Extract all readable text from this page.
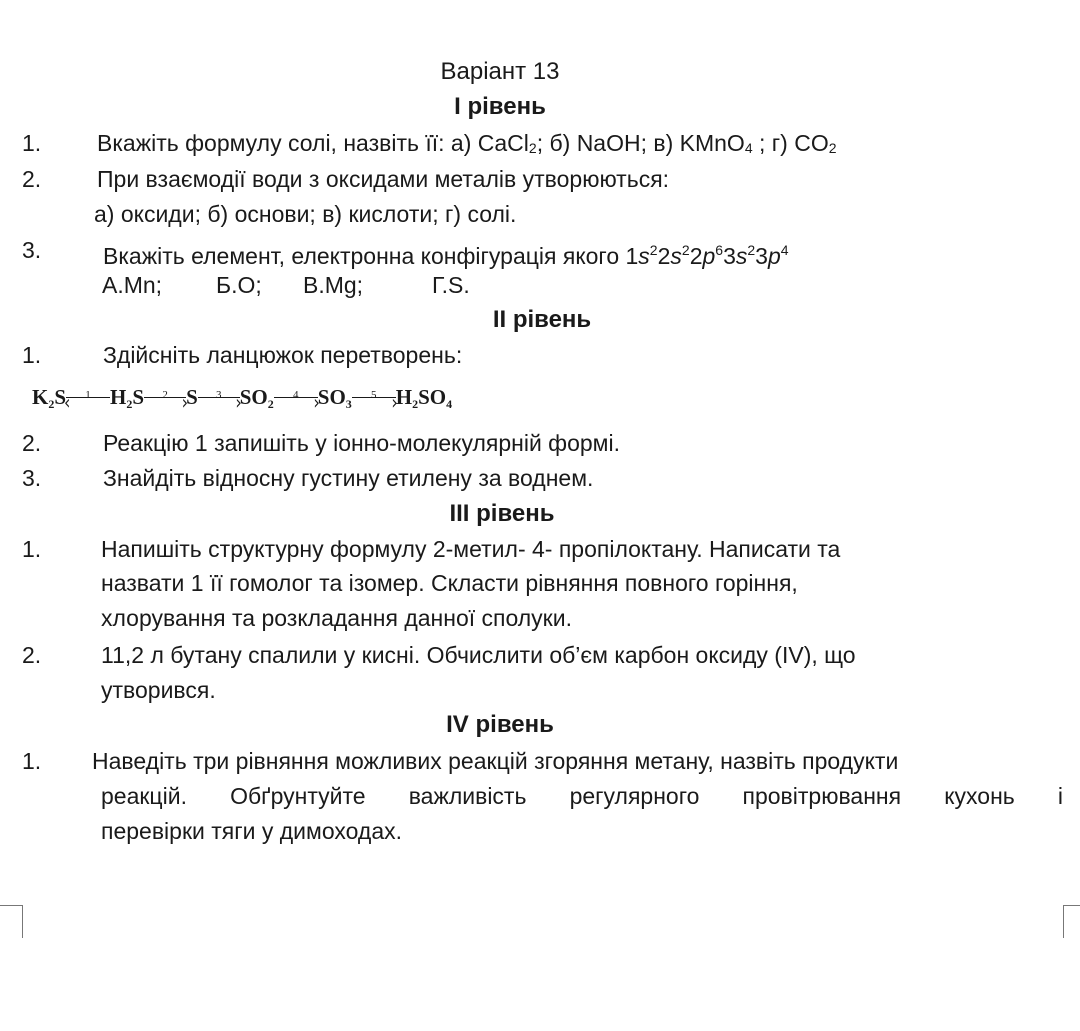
Варіант 13
І рівень
1. Вкажіть формулу солі, назвіть її: а) CaCl$_2$; б) NaOH; в) KMnO$_4$ ; г) $CO_2$
2. При взаємодії води з оксидами металів утворюються:
а) оксиди; б) основи; в) кислоти; г) солі.
3.	Вкажіть елемент, електронна конфігурація якого $1s^22s^22p^63s^23p^4$
А.Mn; Б.O; В.Mg;	Г.S.
ІІ рівень
1.	Здійсніть ланцюжок перетворень:
$K_2S$
‹	1 $H_2S$ ›
2 S ›
3 $SO_2$ ›
4 $SO_3$ ›
5 $H_2SO_4$
2.	Реакцію 1 запишіть у іонно-молекулярній формі.
3.	Знайдіть відносну густину етилену за воднем.
ІІІ рівень
1.	Напишіть структурну формулу 2-метил- 4- пропілоктану. Написати та
назвати 1 її гомолог та ізомер. Скласти рівняння повного горіння,
хлорування та розкладання данної сполуки.
2.	11,2 л бутану спалили у кисні. Обчислити об’єм карбон оксиду (IV), що
утворився.
IV рівень
1. Наведіть три рівняння можливих реакцій згоряння метану, назвіть продукти
реакцій. Обґрунтуйте важливість регулярного провітрювання кухонь і
перевірки тяги у димоходах.
